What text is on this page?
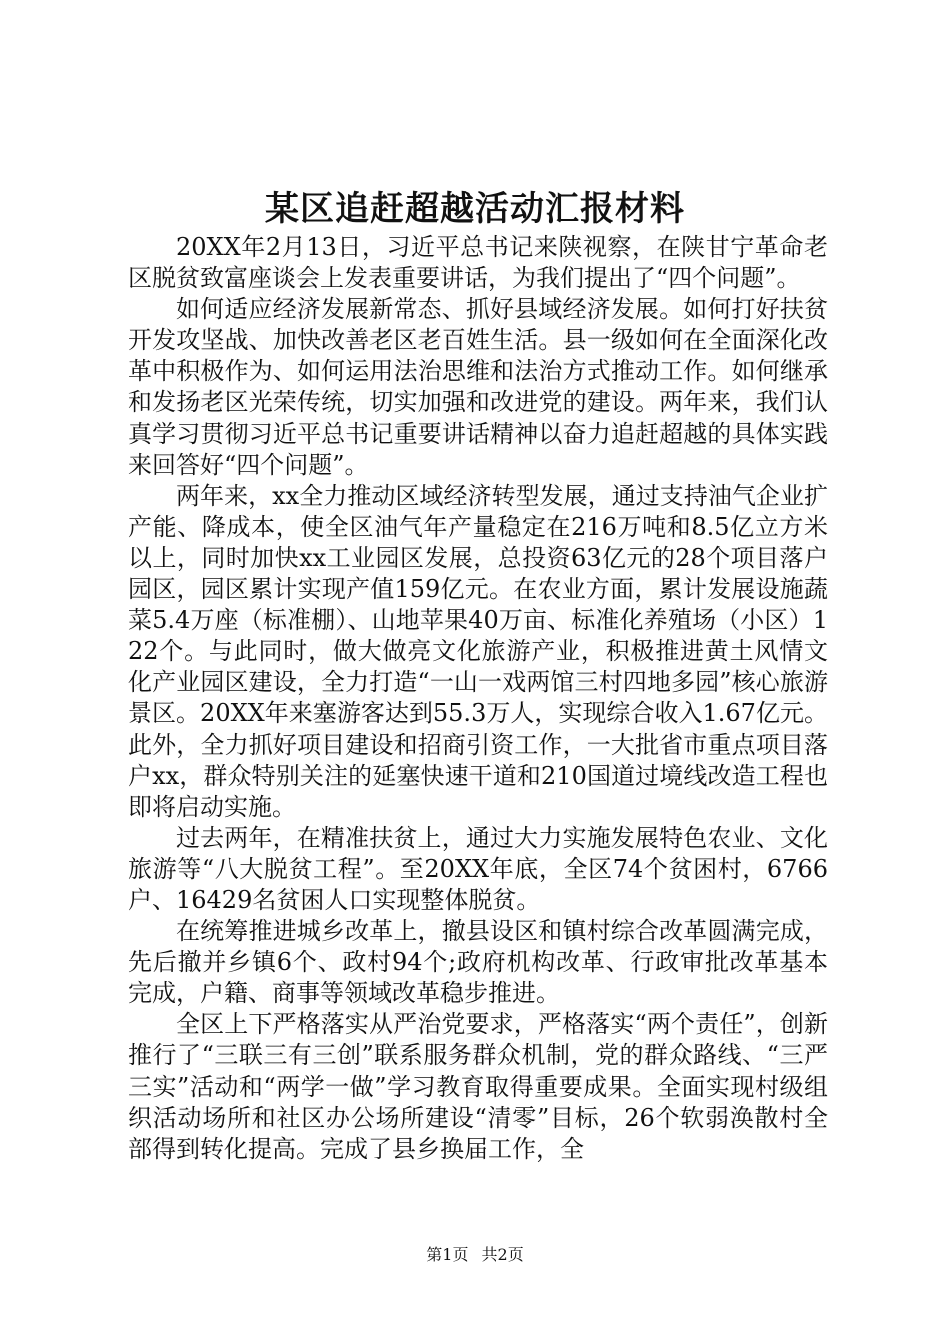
某区追赶超越活动汇报材料

20XX年2月13日，习近平总书记来陕视察，在陕甘宁革命老区脱贫致富座谈会上发表重要讲话，为我们提出了“四个问题”。

如何适应经济发展新常态、抓好县域经济发展。如何打好扶贫开发攻坚战、加快改善老区老百姓生活。县一级如何在全面深化改革中积极作为、如何运用法治思维和法治方式推动工作。如何继承和发扬老区光荣传统，切实加强和改进党的建设。两年来，我们认真学习贯彻习近平总书记重要讲话精神以奋力追赶超越的具体实践来回答好“四个问题”。

两年来，xx全力推动区域经济转型发展，通过支持油气企业扩产能、降成本，使全区油气年产量稳定在216万吨和8.5亿立方米以上，同时加快xx工业园区发展，总投资63亿元的28个项目落户园区，园区累计实现产值159亿元。在农业方面，累计发展设施蔬菜5.4万座（标准棚）、山地苹果40万亩、标准化养殖场（小区）122个。与此同时，做大做亮文化旅游产业，积极推进黄土风情文化产业园区建设，全力打造“一山一戏两馆三村四地多园”核心旅游景区。20XX年来塞游客达到55.3万人，实现综合收入1.67亿元。此外，全力抓好项目建设和招商引资工作，一大批省市重点项目落户xx，群众特别关注的延塞快速干道和210国道过境线改造工程也即将启动实施。

过去两年，在精准扶贫上，通过大力实施发展特色农业、文化旅游等“八大脱贫工程”。至20XX年底，全区74个贫困村，6766户、16429名贫困人口实现整体脱贫。

在统筹推进城乡改革上，撤县设区和镇村综合改革圆满完成，先后撤并乡镇6个、政村94个;政府机构改革、行政审批改革基本完成，户籍、商事等领域改革稳步推进。

全区上下严格落实从严治党要求，严格落实“两个责任”，创新推行了“三联三有三创”联系服务群众机制，党的群众路线、“三严三实”活动和“两学一做”学习教育取得重要成果。全面实现村级组织活动场所和社区办公场所建设“清零”目标，26个软弱涣散村全部得到转化提高。完成了县乡换届工作，全

第1页 共2页
